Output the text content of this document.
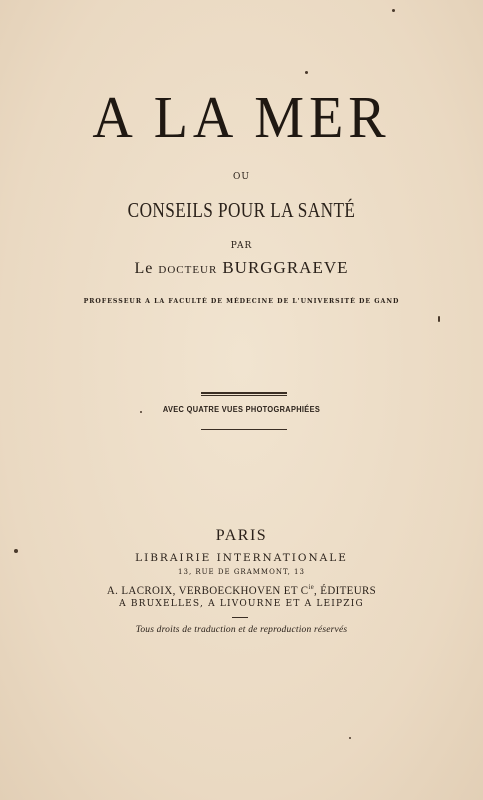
A LA MER
OU
CONSEILS POUR LA SANTÉ
PAR
Le DOCTEUR BURGGRAEVE
PROFESSEUR A LA FACULTÉ DE MÉDECINE DE L'UNIVERSITÉ DE GAND
AVEC QUATRE VUES PHOTOGRAPHIÉES
PARIS
LIBRAIRIE INTERNATIONALE
13, RUE DE GRAMMONT, 13
A. LACROIX, VERBOECKHOVEN ET $C^{ie}$, ÉDITEURS
A BRUXELLES, A LIVOURNE ET A LEIPZIG
Tous droits de traduction et de reproduction réservés
